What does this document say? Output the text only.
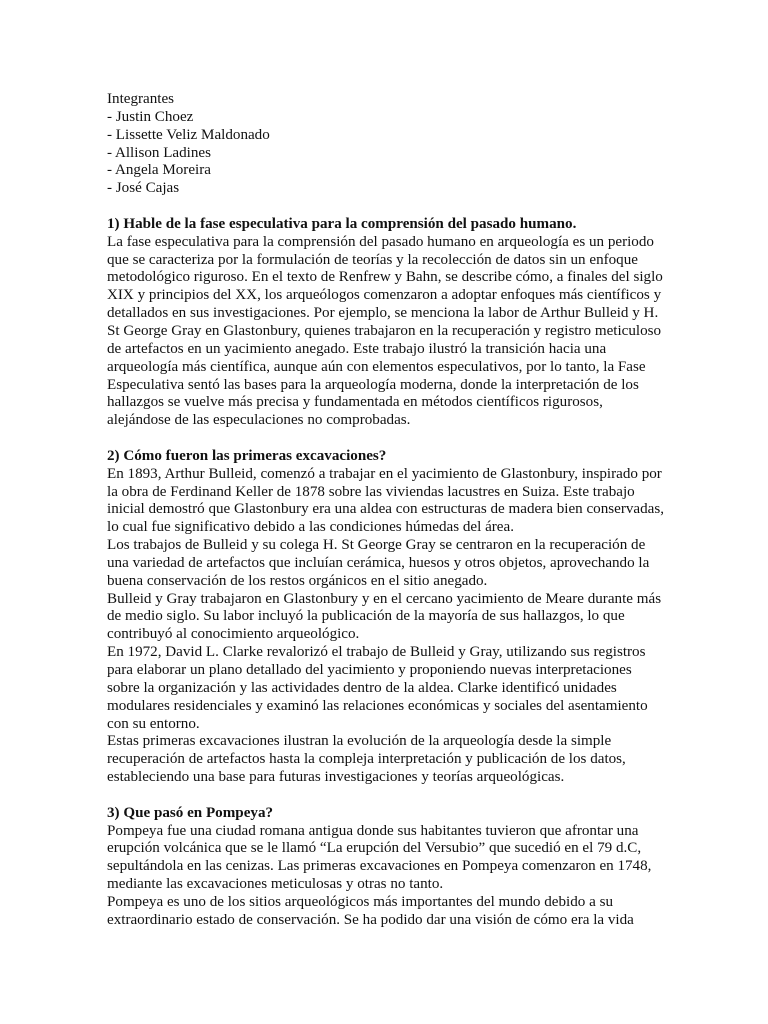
Integrantes
- Justin Choez
- Lissette Veliz Maldonado
- Allison Ladines
- Angela Moreira
- José Cajas
1) Hable de la fase especulativa para la comprensión del pasado humano.
La fase especulativa para la comprensión del pasado humano en arqueología es un periodo que se caracteriza por la formulación de teorías y la recolección de datos sin un enfoque metodológico riguroso. En el texto de Renfrew y Bahn, se describe cómo, a finales del siglo XIX y principios del XX, los arqueólogos comenzaron a adoptar enfoques más científicos y detallados en sus investigaciones. Por ejemplo, se menciona la labor de Arthur Bulleid y H. St George Gray en Glastonbury, quienes trabajaron en la recuperación y registro meticuloso de artefactos en un yacimiento anegado. Este trabajo ilustró la transición hacia una arqueología más científica, aunque aún con elementos especulativos, por lo tanto, la Fase Especulativa sentó las bases para la arqueología moderna, donde la interpretación de los hallazgos se vuelve más precisa y fundamentada en métodos científicos rigurosos, alejándose de las especulaciones no comprobadas.
2) Cómo fueron las primeras excavaciones?
En 1893, Arthur Bulleid, comenzó a trabajar en el yacimiento de Glastonbury, inspirado por la obra de Ferdinand Keller de 1878 sobre las viviendas lacustres en Suiza. Este trabajo inicial demostró que Glastonbury era una aldea con estructuras de madera bien conservadas, lo cual fue significativo debido a las condiciones húmedas del área.
Los trabajos de Bulleid y su colega H. St George Gray se centraron en la recuperación de una variedad de artefactos que incluían cerámica, huesos y otros objetos, aprovechando la buena conservación de los restos orgánicos en el sitio anegado.
Bulleid y Gray trabajaron en Glastonbury y en el cercano yacimiento de Meare durante más de medio siglo. Su labor incluyó la publicación de la mayoría de sus hallazgos, lo que contribuyó al conocimiento arqueológico.
En 1972, David L. Clarke revalorizó el trabajo de Bulleid y Gray, utilizando sus registros para elaborar un plano detallado del yacimiento y proponiendo nuevas interpretaciones sobre la organización y las actividades dentro de la aldea. Clarke identificó unidades modulares residenciales y examinó las relaciones económicas y sociales del asentamiento con su entorno.
Estas primeras excavaciones ilustran la evolución de la arqueología desde la simple recuperación de artefactos hasta la compleja interpretación y publicación de los datos, estableciendo una base para futuras investigaciones y teorías arqueológicas.
3) Que pasó en Pompeya?
Pompeya fue una ciudad romana antigua donde sus habitantes tuvieron que afrontar una erupción volcánica que se le llamó “La erupción del Versubio” que sucedió en el 79 d.C, sepultándola en las cenizas. Las primeras excavaciones en Pompeya comenzaron en 1748, mediante las excavaciones meticulosas y otras no tanto.
Pompeya es uno de los sitios arqueológicos más importantes del mundo debido a su extraordinario estado de conservación. Se ha podido dar una visión de cómo era la vida
